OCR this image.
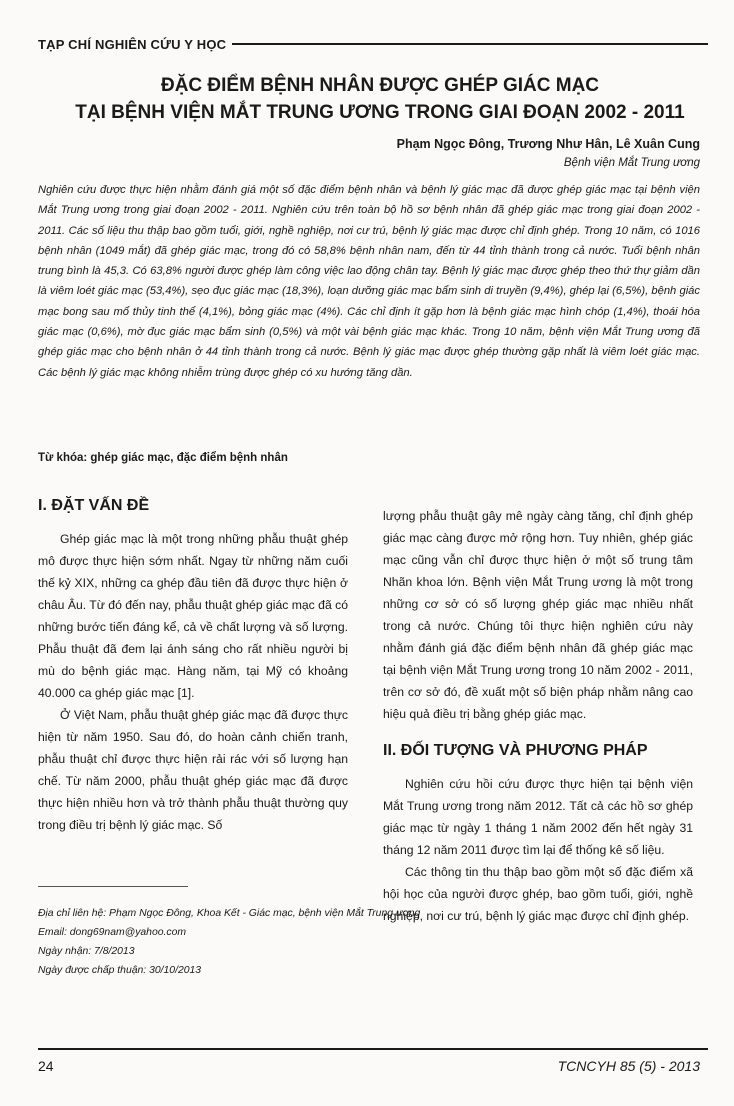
TẠP CHÍ NGHIÊN CỨU Y HỌC
ĐẶC ĐIỂM BỆNH NHÂN ĐƯỢC GHÉP GIÁC MẠC
TẠI BỆNH VIỆN MẮT TRUNG ƯƠNG TRONG GIAI ĐOẠN 2002 - 2011
Phạm Ngọc Đông, Trương Như Hân, Lê Xuân Cung
Bệnh viện Mắt Trung ương
Nghiên cứu được thực hiện nhằm đánh giá một số đặc điểm bệnh nhân và bệnh lý giác mạc đã được ghép giác mạc tại bệnh viện Mắt Trung ương trong giai đoạn 2002 - 2011. Nghiên cứu trên toàn bộ hồ sơ bệnh nhân đã ghép giác mạc trong giai đoạn 2002 - 2011. Các số liệu thu thập bao gồm tuổi, giới, nghề nghiệp, nơi cư trú, bệnh lý giác mạc được chỉ định ghép. Trong 10 năm, có 1016 bệnh nhân (1049 mắt) đã ghép giác mạc, trong đó có 58,8% bệnh nhân nam, đến từ 44 tỉnh thành trong cả nước. Tuổi bệnh nhân trung bình là 45,3. Có 63,8% người được ghép làm công việc lao động chân tay. Bệnh lý giác mạc được ghép theo thứ thự giảm dần là viêm loét giác mạc (53,4%), sẹo đục giác mạc (18,3%), loạn dưỡng giác mạc bẩm sinh di truyền (9,4%), ghép lại (6,5%), bệnh giác mạc bong sau mổ thủy tinh thể (4,1%), bỏng giác mạc (4%). Các chỉ định ít gặp hơn là bệnh giác mạc hình chóp (1,4%), thoái hóa giác mạc (0,6%), mờ đục giác mạc bẩm sinh (0,5%) và một vài bệnh giác mạc khác. Trong 10 năm, bệnh viện Mắt Trung ương đã ghép giác mạc cho bệnh nhân ở 44 tỉnh thành trong cả nước. Bệnh lý giác mạc được ghép thường gặp nhất là viêm loét giác mạc. Các bệnh lý giác mạc không nhiễm trùng được ghép có xu hướng tăng dần.
Từ khóa: ghép giác mạc, đặc điểm bệnh nhân
I. ĐẶT VẤN ĐỀ

Ghép giác mạc là một trong những phẫu thuật ghép mô được thực hiện sớm nhất. Ngay từ những năm cuối thế kỷ XIX, những ca ghép đầu tiên đã được thực hiện ở châu Âu. Từ đó đến nay, phẫu thuật ghép giác mạc đã có những bước tiến đáng kể, cả về chất lượng và số lượng. Phẫu thuật đã đem lại ánh sáng cho rất nhiều người bị mù do bệnh giác mạc. Hàng năm, tại Mỹ có khoảng 40.000 ca ghép giác mạc [1].

Ở Việt Nam, phẫu thuật ghép giác mạc đã được thực hiện từ năm 1950. Sau đó, do hoàn cảnh chiến tranh, phẫu thuật chỉ được thực hiện rải rác với số lượng hạn chế. Từ năm 2000, phẫu thuật ghép giác mạc đã được thực hiện nhiều hơn và trở thành phẫu thuật thường quy trong điều trị bệnh lý giác mạc. Số

lượng phẫu thuật gây mê ngày càng tăng, chỉ định ghép giác mạc càng được mở rộng hơn. Tuy nhiên, ghép giác mạc cũng vẫn chỉ được thực hiện ở một số trung tâm Nhãn khoa lớn. Bệnh viện Mắt Trung ương là một trong những cơ sở có số lượng ghép giác mạc nhiều nhất trong cả nước. Chúng tôi thực hiện nghiên cứu này nhằm đánh giá đặc điểm bệnh nhân đã ghép giác mạc tại bệnh viện Mắt Trung ương trong 10 năm 2002 - 2011, trên cơ sở đó, đề xuất một số biện pháp nhằm nâng cao hiệu quả điều trị bằng ghép giác mạc.

II. ĐỐI TƯỢNG VÀ PHƯƠNG PHÁP

Nghiên cứu hồi cứu được thực hiện tại bệnh viện Mắt Trung ương trong năm 2012. Tất cả các hồ sơ ghép giác mạc từ ngày 1 tháng 1 năm 2002 đến hết ngày 31 tháng 12 năm 2011 được tìm lại để thống kê số liệu.

Các thông tin thu thập bao gồm một số đặc điểm xã hội học của người được ghép, bao gồm tuổi, giới, nghề nghiệp, nơi cư trú, bệnh lý giác mạc được chỉ định ghép.

Địa chỉ liên hệ: Phạm Ngọc Đông, Khoa Kết - Giác mạc, bệnh viện Mắt Trung ương
Email: dong69nam@yahoo.com
Ngày nhận: 7/8/2013
Ngày được chấp thuận: 30/10/2013
24	TCNCYH 85 (5) - 2013
